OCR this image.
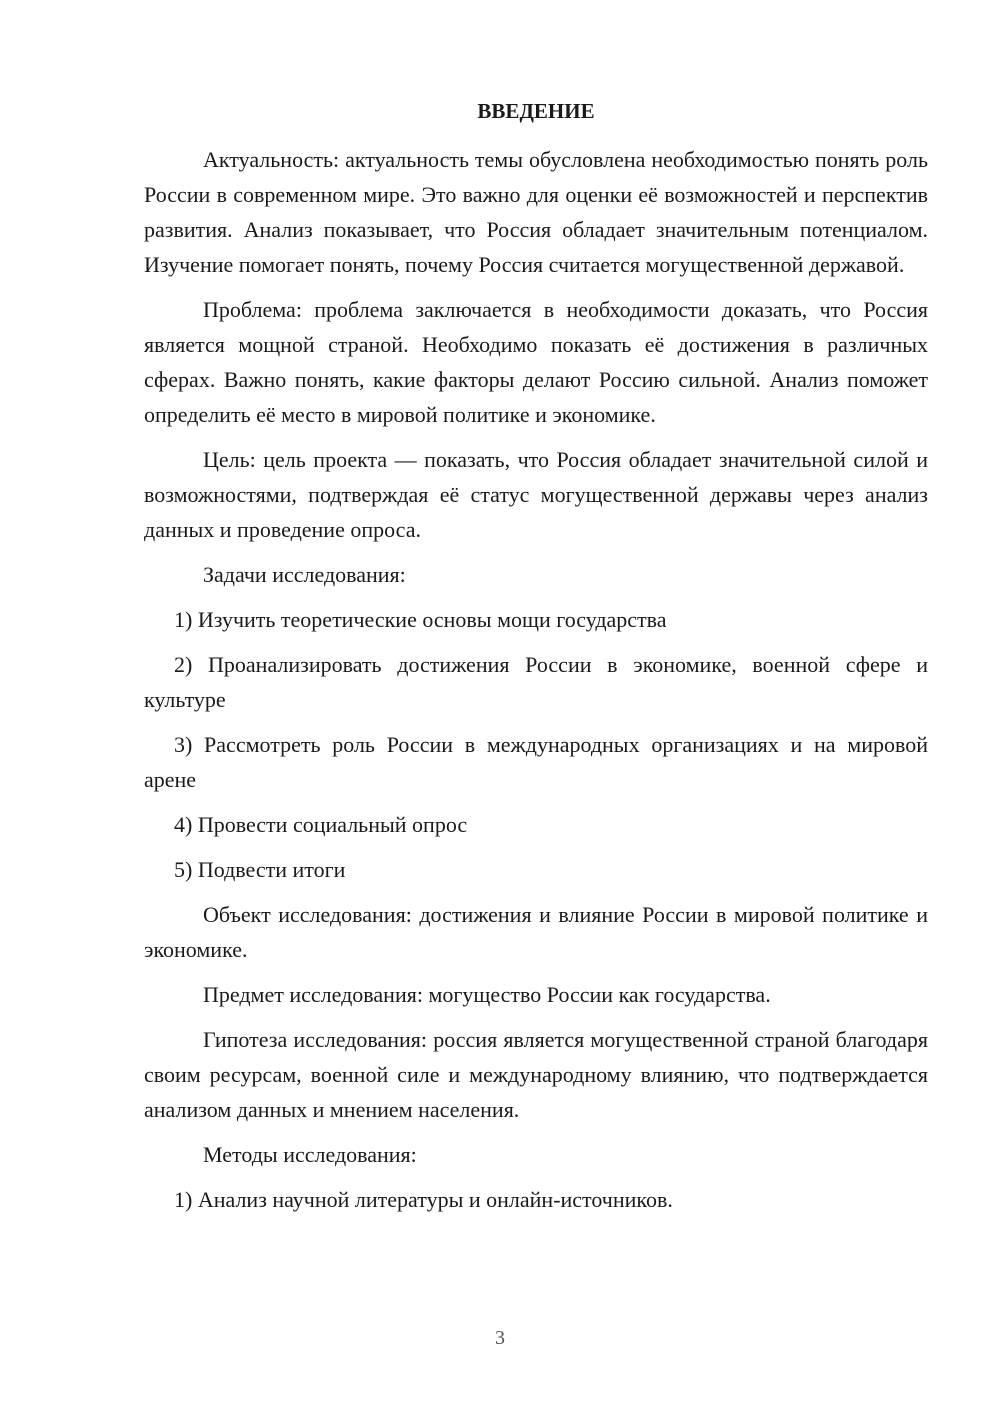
ВВЕДЕНИЕ

Актуальность: актуальность темы обусловлена необходимостью понять роль России в современном мире. Это важно для оценки её возможностей и перспектив развития. Анализ показывает, что Россия обладает значительным потенциалом. Изучение помогает понять, почему Россия считается могущественной державой.

Проблема: проблема заключается в необходимости доказать, что Россия является мощной страной. Необходимо показать её достижения в различных сферах. Важно понять, какие факторы делают Россию сильной. Анализ поможет определить её место в мировой политике и экономике.

Цель: цель проекта — показать, что Россия обладает значительной силой и возможностями, подтверждая её статус могущественной державы через анализ данных и проведение опроса.

Задачи исследования:

1) Изучить теоретические основы мощи государства

2) Проанализировать достижения России в экономике, военной сфере и культуре

3) Рассмотреть роль России в международных организациях и на мировой арене

4) Провести социальный опрос

5) Подвести итоги

Объект исследования: достижения и влияние России в мировой политике и экономике.

Предмет исследования: могущество России как государства.

Гипотеза исследования: россия является могущественной страной благодаря своим ресурсам, военной силе и международному влиянию, что подтверждается анализом данных и мнением населения.

Методы исследования:

1) Анализ научной литературы и онлайн-источников.

3
